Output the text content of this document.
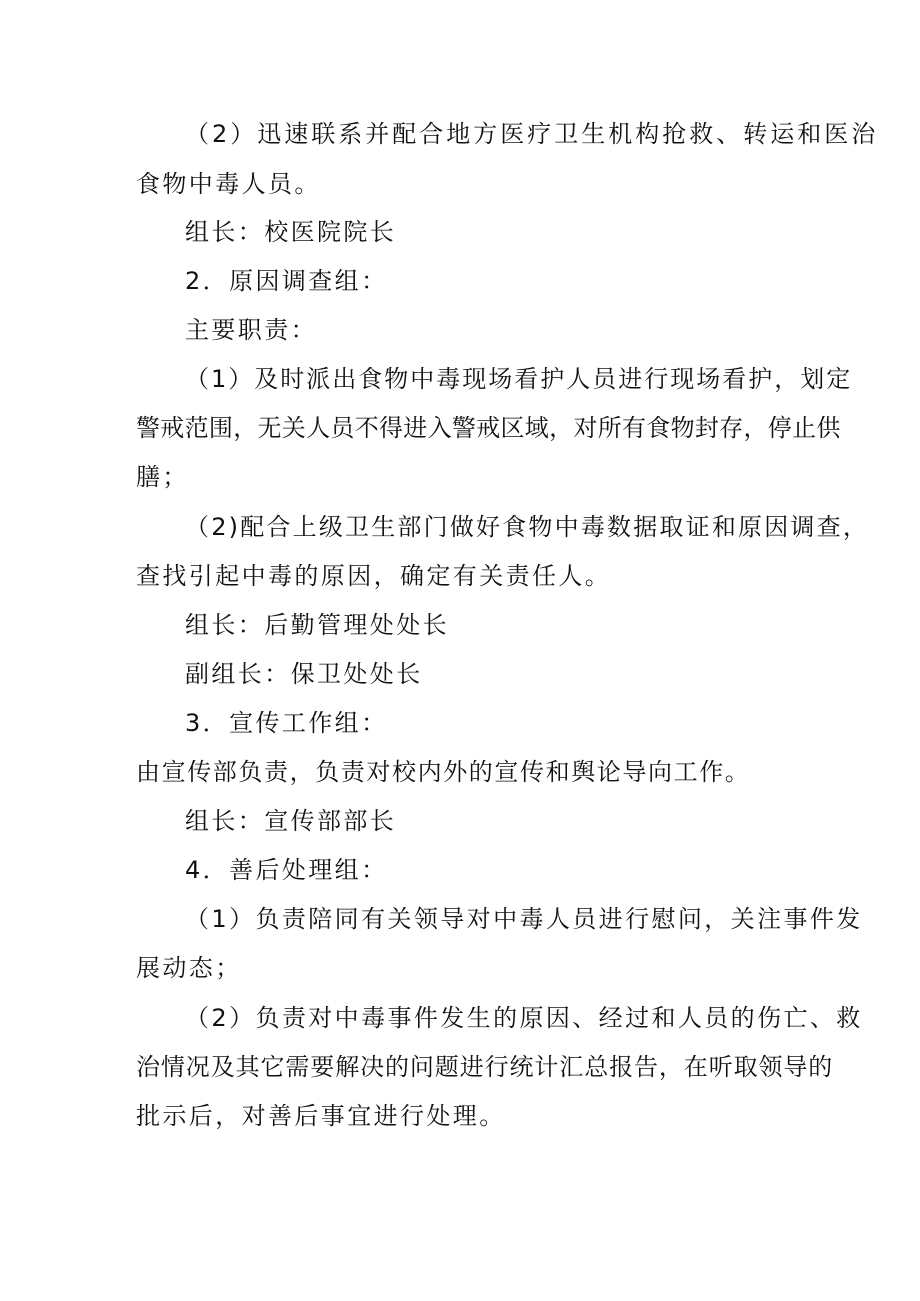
（2）迅速联系并配合地方医疗卫生机构抢救、转运和医治
食物中毒人员。
组长：校医院院长
2．原因调查组：
主要职责：
（1）及时派出食物中毒现场看护人员进行现场看护，划定
警戒范围，无关人员不得进入警戒区域，对所有食物封存，停止供
膳；
（2)配合上级卫生部门做好食物中毒数据取证和原因调查，
查找引起中毒的原因，确定有关责任人。
组长：后勤管理处处长
副组长：保卫处处长
3．宣传工作组：
由宣传部负责，负责对校内外的宣传和舆论导向工作。
组长：宣传部部长
4．善后处理组：
（1）负责陪同有关领导对中毒人员进行慰问，关注事件发
展动态；
（2）负责对中毒事件发生的原因、经过和人员的伤亡、救
治情况及其它需要解决的问题进行统计汇总报告，在听取领导的
批示后，对善后事宜进行处理。
